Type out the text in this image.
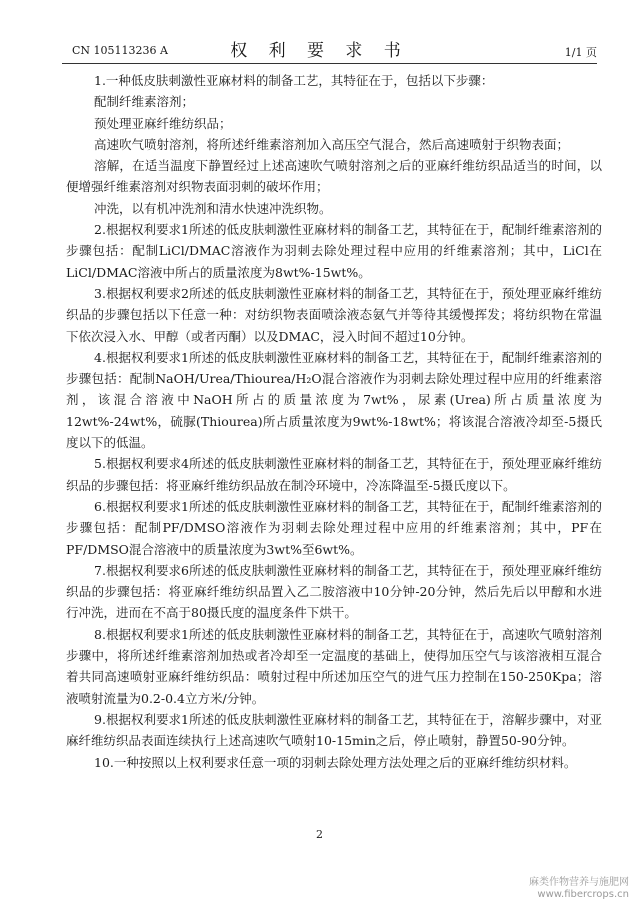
CN 105113236 A	权 利 要 求 书	1/1 页

1.一种低皮肤刺激性亚麻材料的制备工艺，其特征在于，包括以下步骤：

配制纤维素溶剂；

预处理亚麻纤维纺织品；

高速吹气喷射溶剂，将所述纤维素溶剂加入高压空气混合，然后高速喷射于织物表面；

溶解，在适当温度下静置经过上述高速吹气喷射溶剂之后的亚麻纤维纺织品适当的时间，以便增强纤维素溶剂对织物表面羽刺的破坏作用；

冲洗，以有机冲洗剂和清水快速冲洗织物。

2.根据权利要求1所述的低皮肤刺激性亚麻材料的制备工艺，其特征在于，配制纤维素溶剂的步骤包括：配制LiCl/DMAC溶液作为羽刺去除处理过程中应用的纤维素溶剂；其中，LiCl在LiCl/DMAC溶液中所占的质量浓度为8wt%-15wt%。

3.根据权利要求2所述的低皮肤刺激性亚麻材料的制备工艺，其特征在于，预处理亚麻纤维纺织品的步骤包括以下任意一种：对纺织物表面喷涂液态氨气并等待其缓慢挥发；将纺织物在常温下依次浸入水、甲醇（或者丙酮）以及DMAC，浸入时间不超过10分钟。

4.根据权利要求1所述的低皮肤刺激性亚麻材料的制备工艺，其特征在于，配制纤维素溶剂的步骤包括：配制NaOH/Urea/Thiourea/H₂O混合溶液作为羽刺去除处理过程中应用的纤维素溶剂，该混合溶液中NaOH所占的质量浓度为7wt%，尿素(Urea)所占质量浓度为12wt%-24wt%，硫脲(Thiourea)所占质量浓度为9wt%-18wt%；将该混合溶液冷却至-5摄氏度以下的低温。

5.根据权利要求4所述的低皮肤刺激性亚麻材料的制备工艺，其特征在于，预处理亚麻纤维纺织品的步骤包括：将亚麻纤维纺织品放在制冷环境中，冷冻降温至-5摄氏度以下。

6.根据权利要求1所述的低皮肤刺激性亚麻材料的制备工艺，其特征在于，配制纤维素溶剂的步骤包括：配制PF/DMSO溶液作为羽刺去除处理过程中应用的纤维素溶剂；其中，PF在PF/DMSO混合溶液中的质量浓度为3wt%至6wt%。

7.根据权利要求6所述的低皮肤刺激性亚麻材料的制备工艺，其特征在于，预处理亚麻纤维纺织品的步骤包括：将亚麻纤维纺织品置入乙二胺溶液中10分钟-20分钟，然后先后以甲醇和水进行冲洗，进而在不高于80摄氏度的温度条件下烘干。

8.根据权利要求1所述的低皮肤刺激性亚麻材料的制备工艺，其特征在于，高速吹气喷射溶剂步骤中，将所述纤维素溶剂加热或者冷却至一定温度的基础上，使得加压空气与该溶液相互混合着共同高速喷射亚麻纤维纺织品：喷射过程中所述加压空气的进气压力控制在150-250Kpa；溶液喷射流量为0.2-0.4立方米/分钟。

9.根据权利要求1所述的低皮肤刺激性亚麻材料的制备工艺，其特征在于，溶解步骤中，对亚麻纤维纺织品表面连续执行上述高速吹气喷射10-15min之后，停止喷射，静置50-90分钟。

10.一种按照以上权利要求任意一项的羽刺去除处理方法处理之后的亚麻纤维纺织材料。

2
麻类作物营养与施肥网
www.fibercrops.cn
